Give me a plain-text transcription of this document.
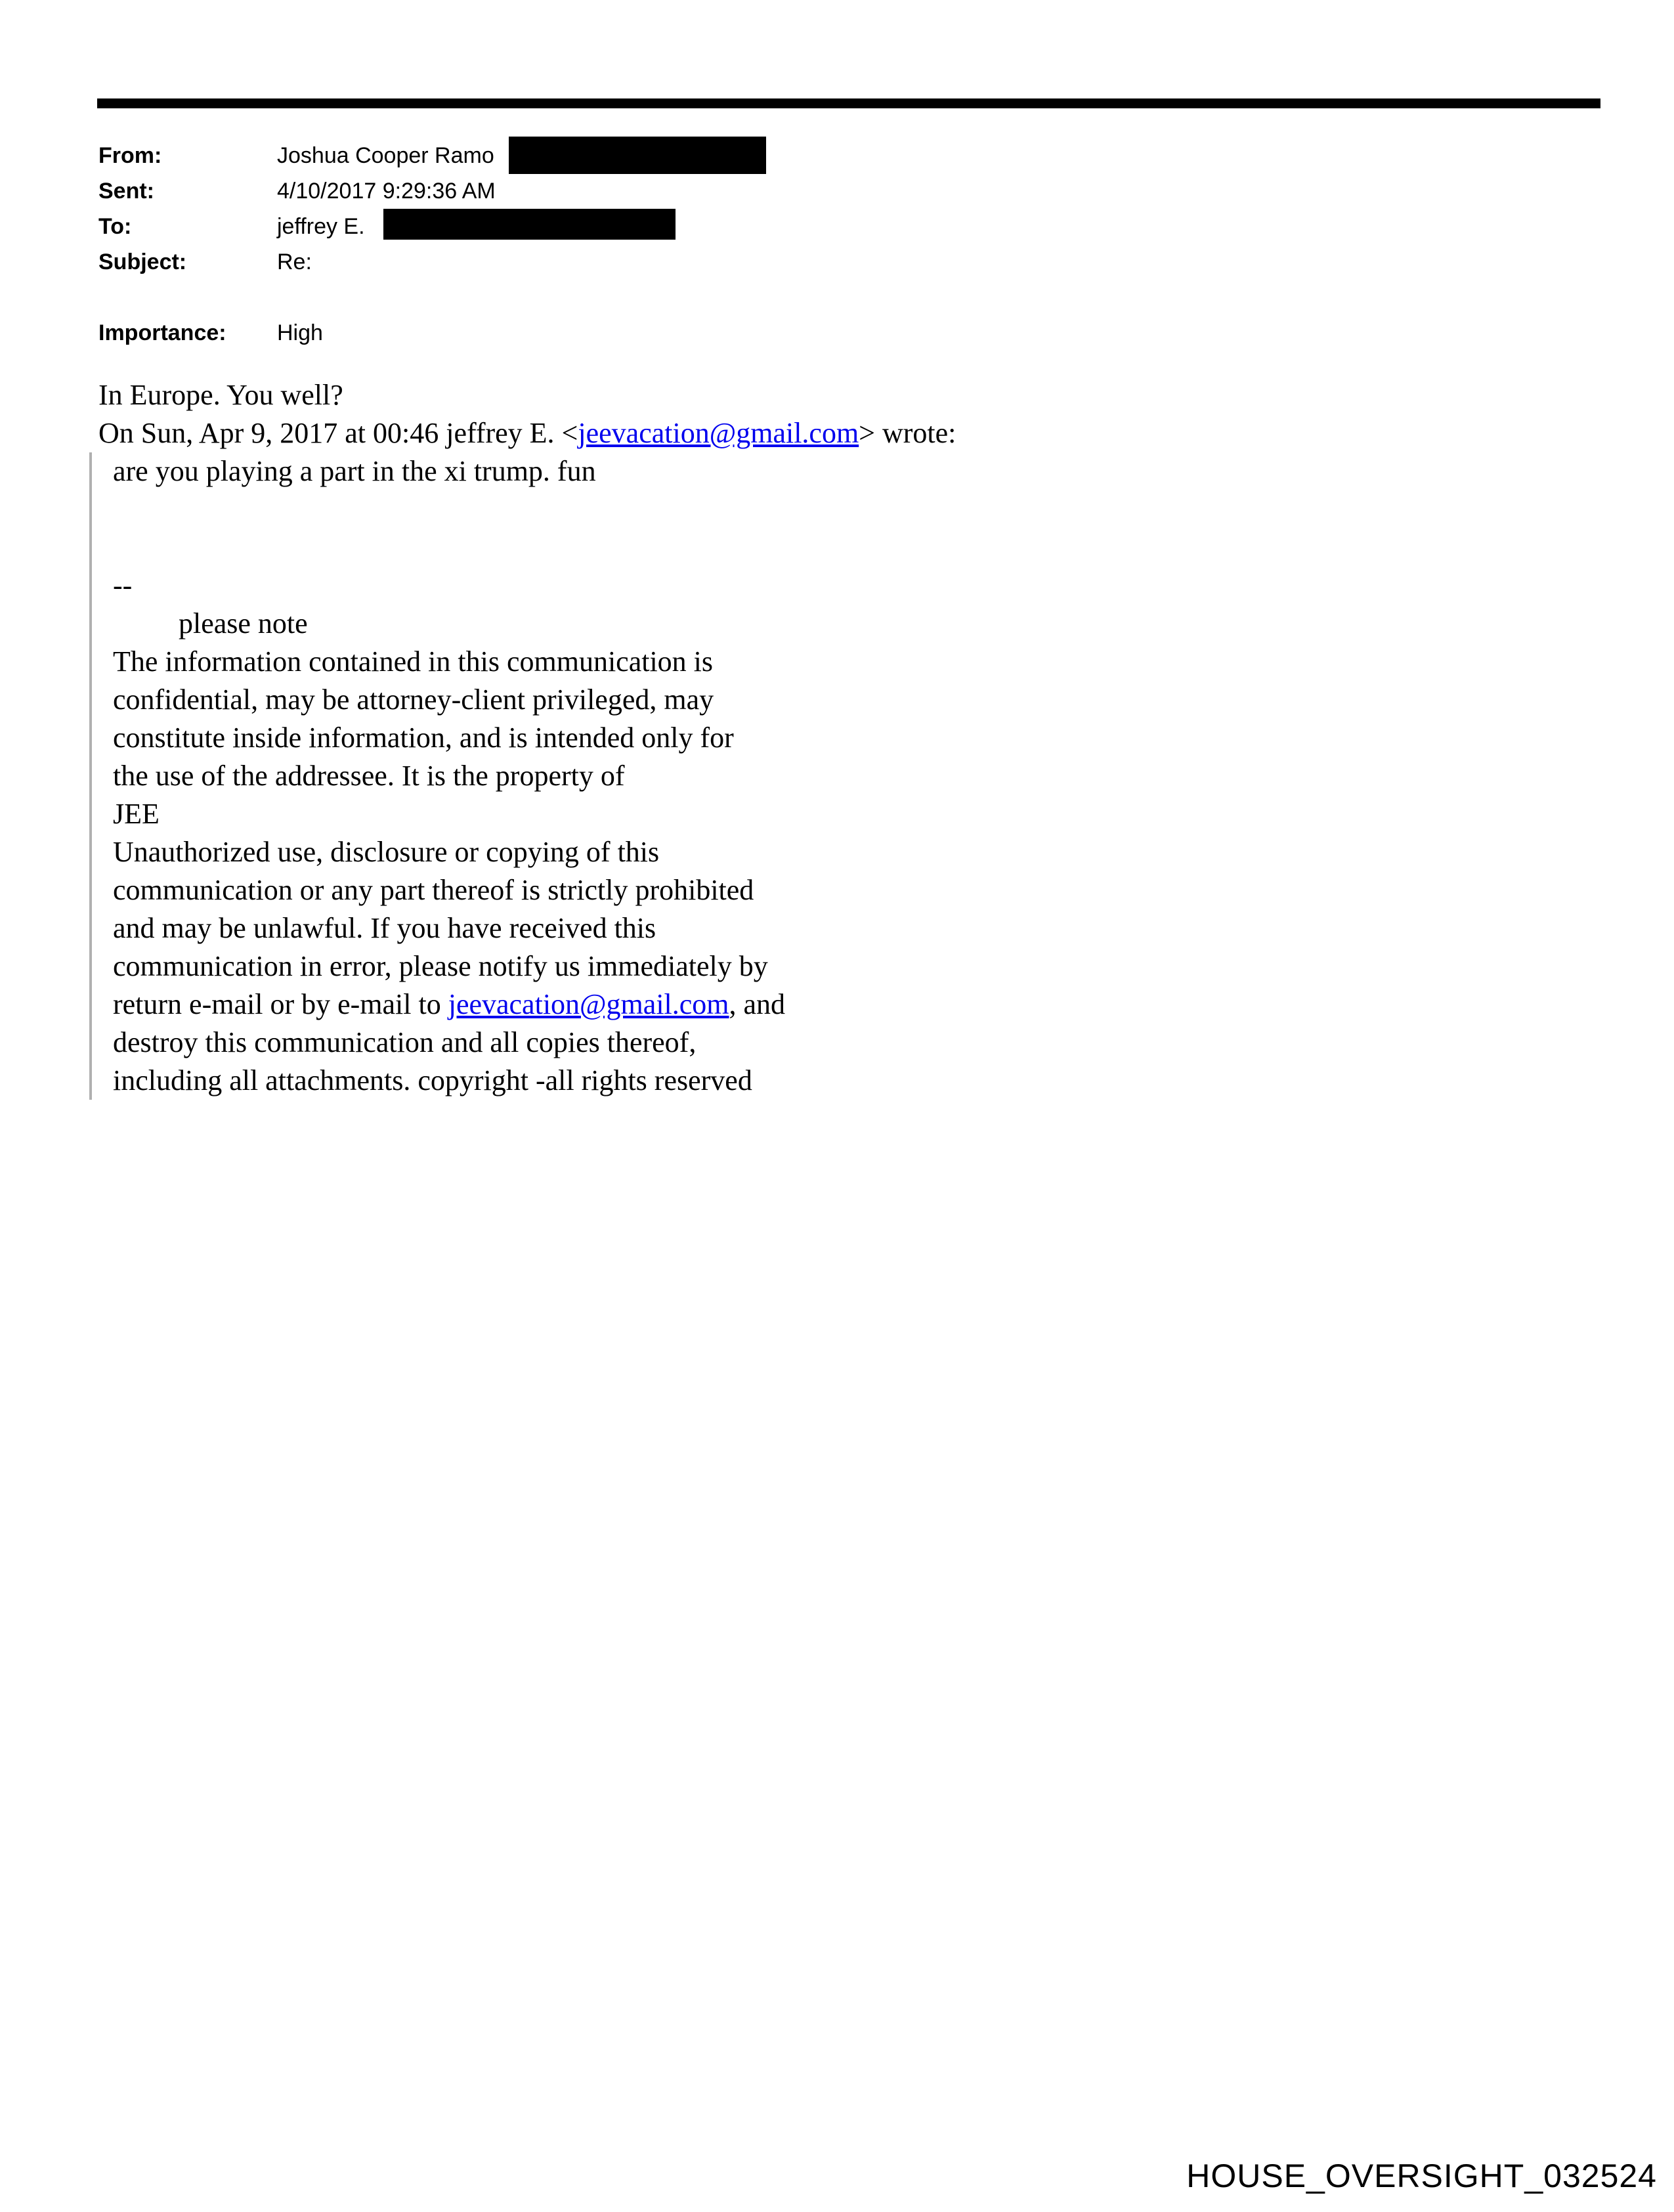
From:	Joshua Cooper Ramo
Sent:	4/10/2017 9:29:36 AM
To:	jeffrey E.
Subject:	Re:
Importance: High
In Europe. You well?
On Sun, Apr 9, 2017 at 00:46 jeffrey E. <jeevacation@gmail.com> wrote:
are you playing a part in the xi trump. fun
--
please note
The information contained in this communication is
confidential, may be attorney-client privileged, may
constitute inside information, and is intended only for
the use of the addressee. It is the property of
JEE
Unauthorized use, disclosure or copying of this
communication or any part thereof is strictly prohibited
and may be unlawful. If you have received this
communication in error, please notify us immediately by
return e-mail or by e-mail to jeevacation@gmail.com, and
destroy this communication and all copies thereof,
including all attachments. copyright -all rights reserved
HOUSE_OVERSIGHT_032524
